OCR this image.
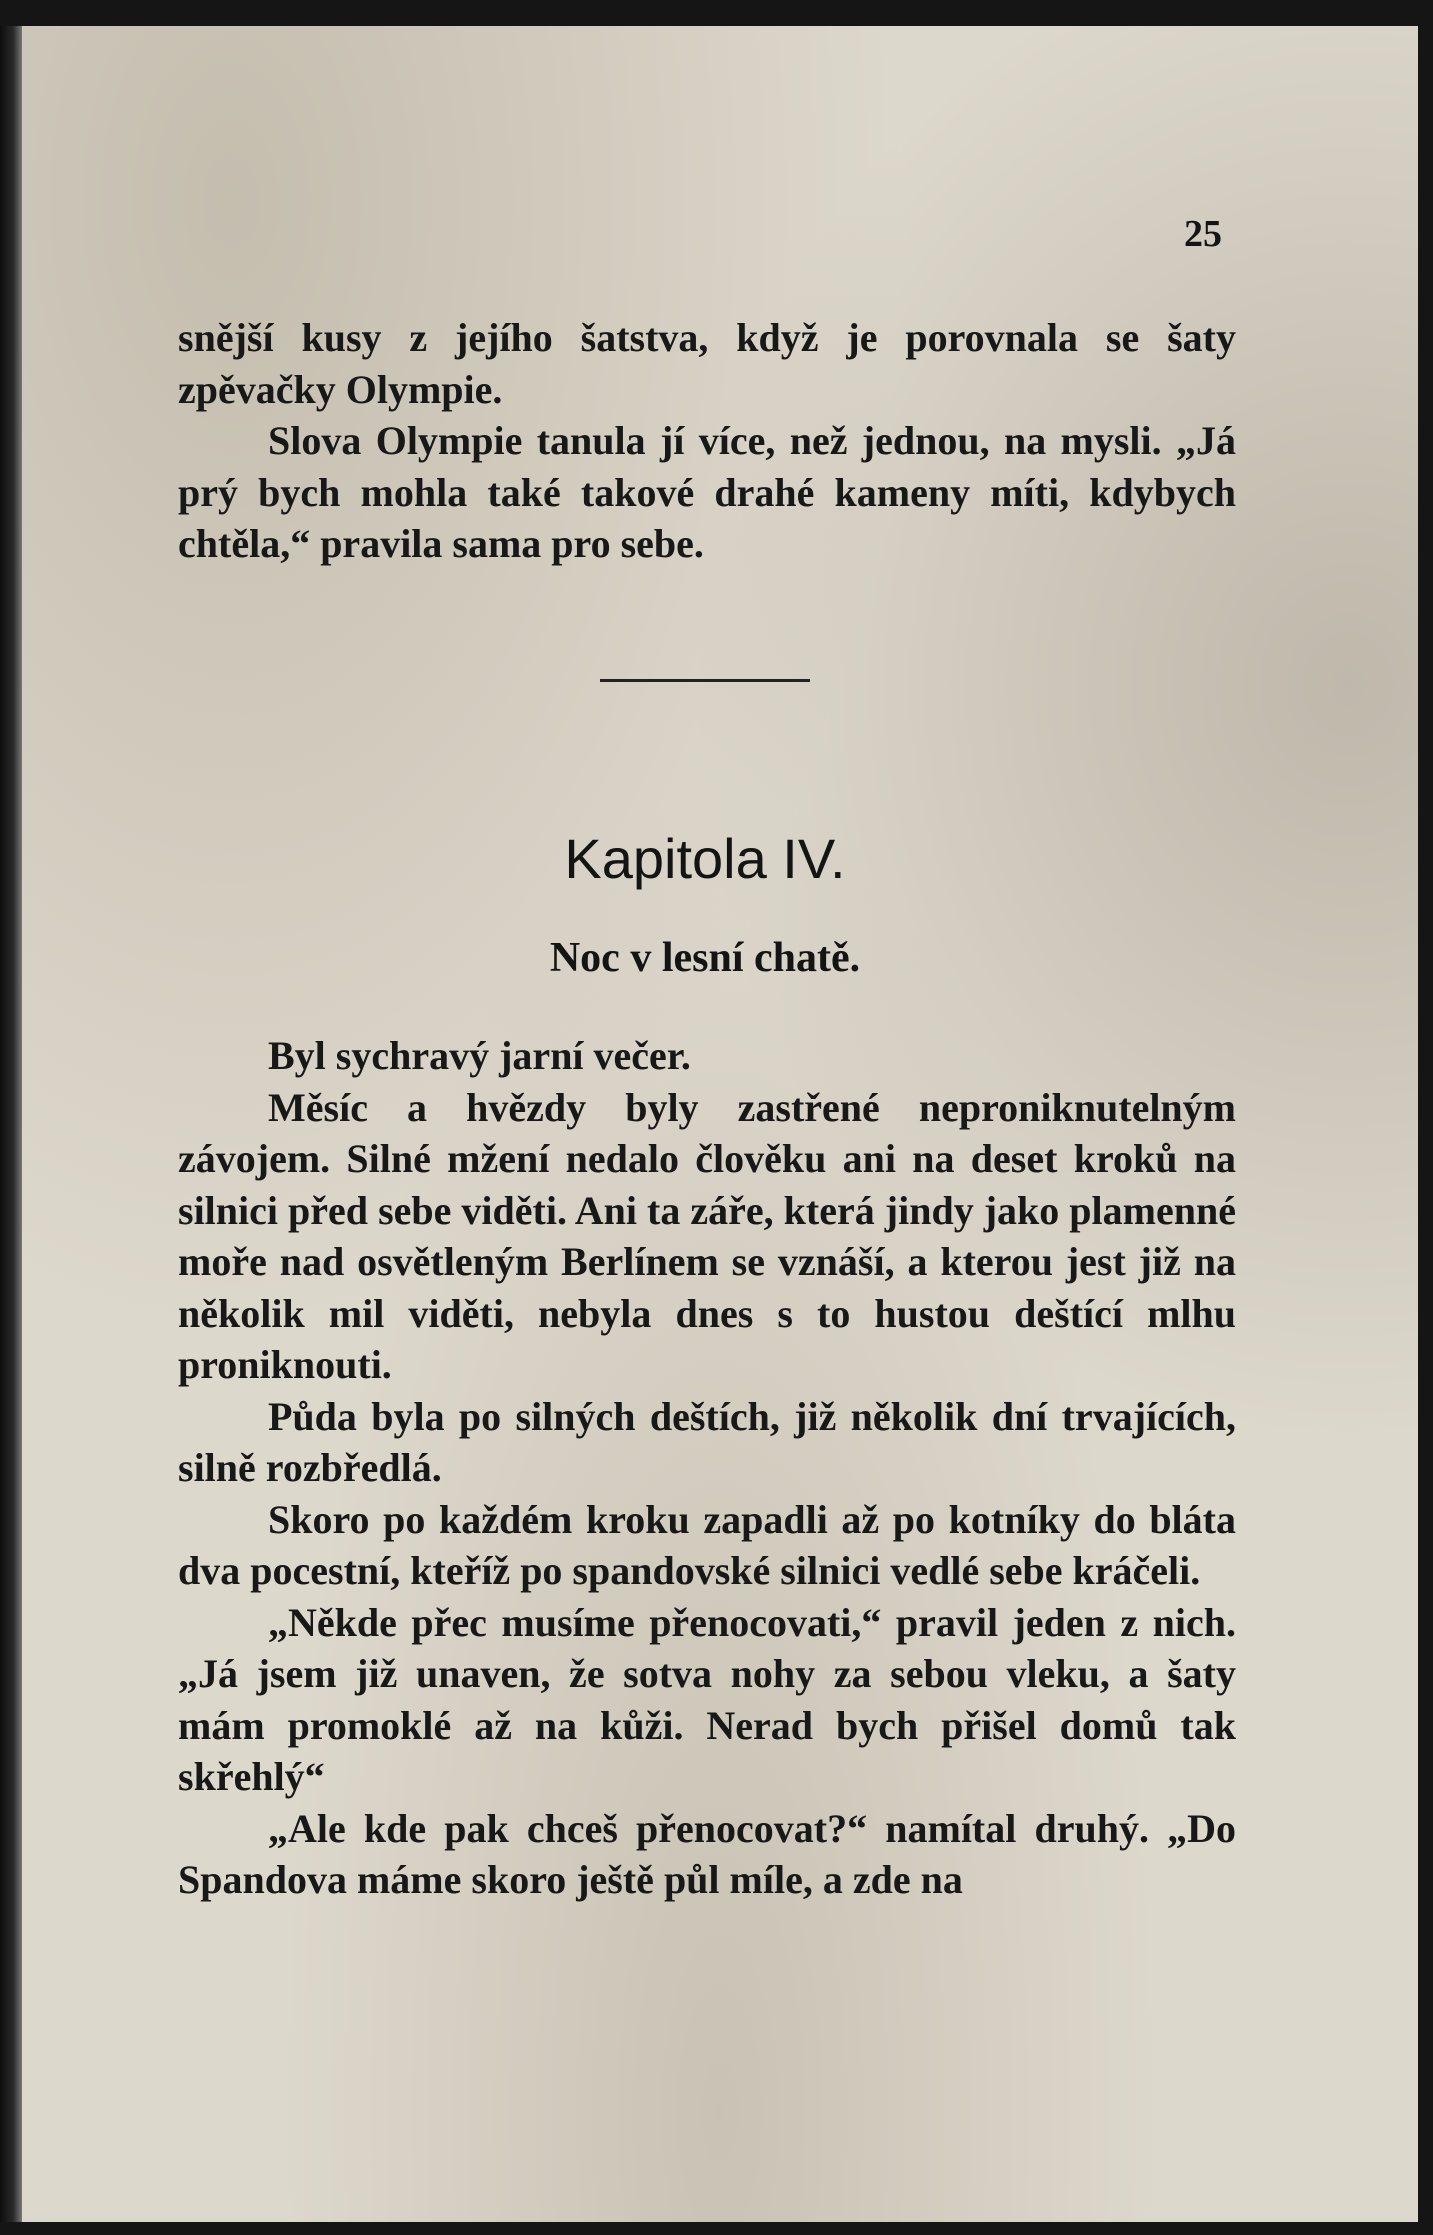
25

snější kusy z jejího šatstva, když je porovnala se šaty zpěvačky Olympie.

Slova Olympie tanula jí více, než jednou, na mysli. „Já prý bych mohla také takové drahé kameny míti, kdybych chtěla,“ pravila sama pro sebe.

Kapitola IV.
Noc v lesní chatě.

Byl sychravý jarní večer.

Měsíc a hvězdy byly zastřené neproniknutelným závojem. Silné mžení nedalo člověku ani na deset kroků na silnici před sebe viděti. Ani ta záře, která jindy jako plamenné moře nad osvětleným Berlínem se vznáší, a kterou jest již na několik mil viděti, nebyla dnes s to hustou deštící mlhu proniknouti.

Půda byla po silných deštích, již několik dní trvajících, silně rozbředlá.

Skoro po každém kroku zapadli až po kotníky do bláta dva pocestní, kteříž po spandovské silnici vedlé sebe kráčeli.

„Někde přec musíme přenocovati,“ pravil jeden z nich. „Já jsem již unaven, že sotva nohy za sebou vleku, a šaty mám promoklé až na kůži. Nerad bych přišel domů tak skřehlý“

„Ale kde pak chceš přenocovat?“ namítal druhý. „Do Spandova máme skoro ještě půl míle, a zde na
